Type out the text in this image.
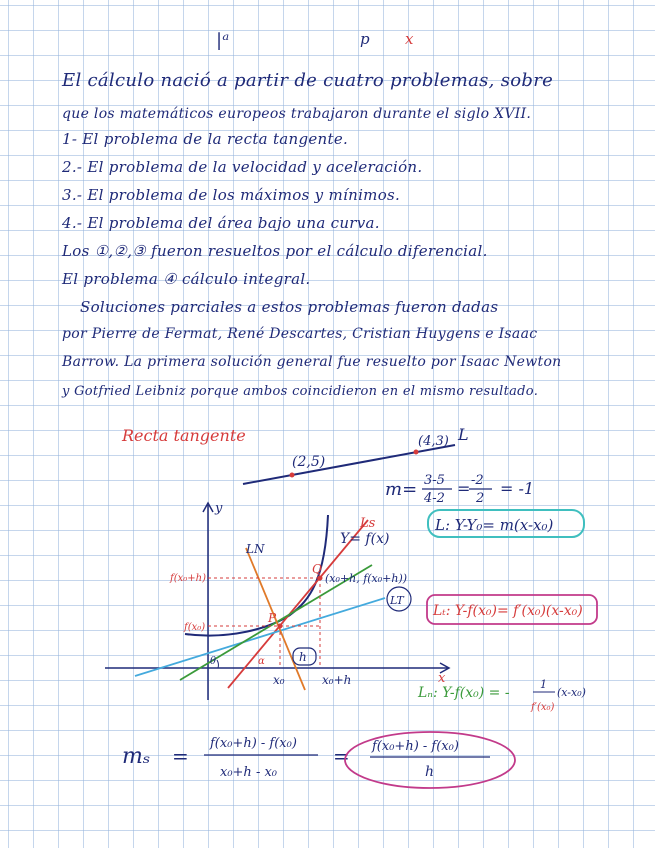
|ᵃ	p x
El cálculo nació a partir de cuatro problemas, sobre
que los matemáticos europeos trabajaron durante el siglo XVII.
1- El problema de la recta tangente.
2.- El problema de la velocidad y aceleración.
3.- El problema de los máximos y mínimos.
4.- El problema del área bajo una curva.
Los ①,②,③ fueron resueltos por el cálculo diferencial.
El problema ④ cálculo integral.
Soluciones parciales a estos problemas fueron dadas
por Pierre de Fermat, René Descartes, Cristian Huygens e Isaac
Barrow. La primera solución general fue resuelto por Isaac Newton
y Gotfried Leibniz porque ambos coincidieron en el mismo resultado.
Recta tangente
(2,5)
(4,3) L
m= 3-5
4-2
= -2
2
= -1
L: Y-Y₀= m(x-x₀)
y
x
Ls
LN
Y= f(x)
f(x₀+h)
f(x₀)
Q
P
(x₀+h, f(x₀+h))
LT
Lₜ: Y-f(x₀)= f′(x₀)(x-x₀)
h
θ	α
x₀	x₀+h
Lₙ: Y-f(x₀) = -
1
f′(x₀)
(x-x₀)
mₛ =
f(x₀+h) - f(x₀)
x₀+h - x₀
= f(x₀+h) - f(x₀)
h
